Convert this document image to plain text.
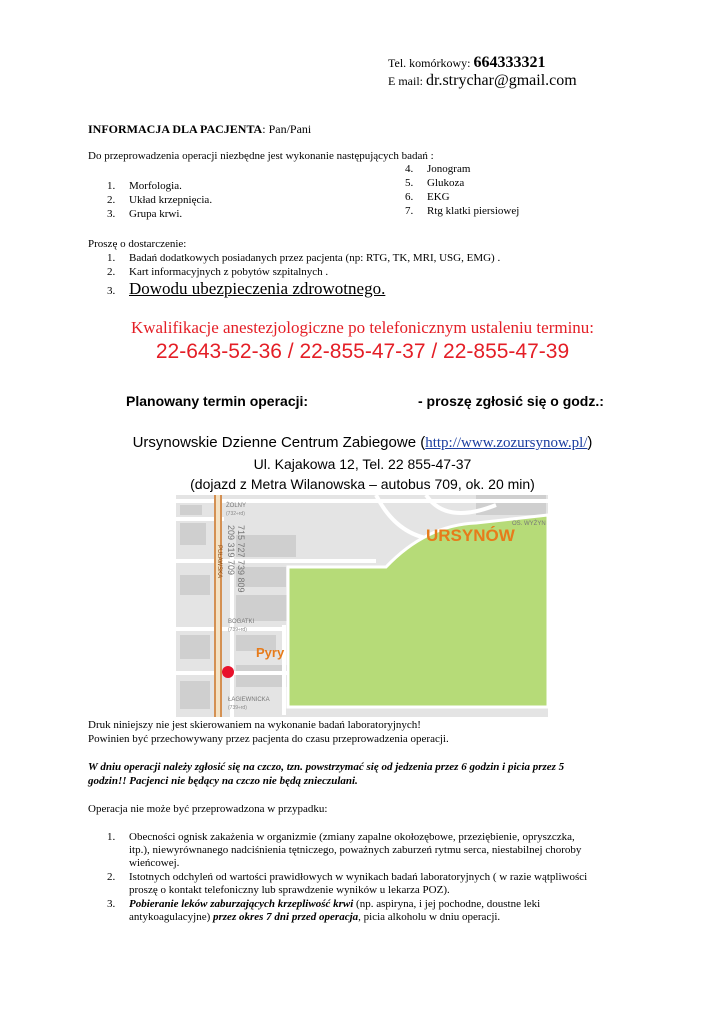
Tel. komórkowy: 664333321
E mail: dr.strychar@gmail.com
INFORMACJA DLA PACJENTA: Pan/Pani
Do przeprowadzenia operacji niezbędne jest wykonanie następujących badań :
1. Morfologia.
2. Układ krzepnięcia.
3. Grupa krwi.
4. Jonogram
5. Glukoza
6. EKG
7. Rtg klatki piersiowej
Proszę o dostarczenie:
1. Badań dodatkowych posiadanych przez pacjenta (np: RTG, TK, MRI, USG, EMG) .
2. Kart informacyjnych z pobytów szpitalnych .
3. Dowodu ubezpieczenia zdrowotnego.
Kwalifikacje anestezjologiczne po telefonicznym ustaleniu terminu:
22-643-52-36 / 22-855-47-37 / 22-855-47-39
Planowany termin operacji:	- proszę zgłosić się o godz.:
Ursynowskie Dzienne Centrum Zabiegowe (http://www.zozursynow.pl/)
Ul. Kajakowa 12, Tel. 22 855-47-37
(dojazd z Metra Wilanowska – autobus 709, ok. 20 min)
ŻOLNY
(732÷rd)
OS. WYŻYN
URSYNÓW
PUŁAWSKA 209 319 709 715 727 739 809
BOGATKI
(739÷rd)
Pyry
ŁAGIEWNICKA
(739÷rd)
Druk niniejszy nie jest skierowaniem na wykonanie badań laboratoryjnych!
Powinien być przechowywany przez pacjenta do czasu przeprowadzenia operacji.
W dniu operacji należy zgłosić się na czczo, tzn. powstrzymać się od jedzenia przez 6 godzin i picia przez 5
godzin!! Pacjenci nie będący na czczo nie będą znieczulani.
Operacja nie może być przeprowadzona w przypadku:
1. Obecności ognisk zakażenia w organizmie (zmiany zapalne okołozębowe, przeziębienie, opryszczka,
itp.), niewyrównanego nadciśnienia tętniczego, poważnych zaburzeń rytmu serca, niestabilnej choroby
wieńcowej.
2. Istotnych odchyleń od wartości prawidłowych w wynikach badań laboratoryjnych ( w razie wątpliwości
proszę o kontakt telefoniczny lub sprawdzenie wyników u lekarza POZ).
3. Pobieranie leków zaburzających krzepliwość krwi (np. aspiryna, i jej pochodne, doustne leki
antykoagulacyjne) przez okres 7 dni przed operacja, picia alkoholu w dniu operacji.
